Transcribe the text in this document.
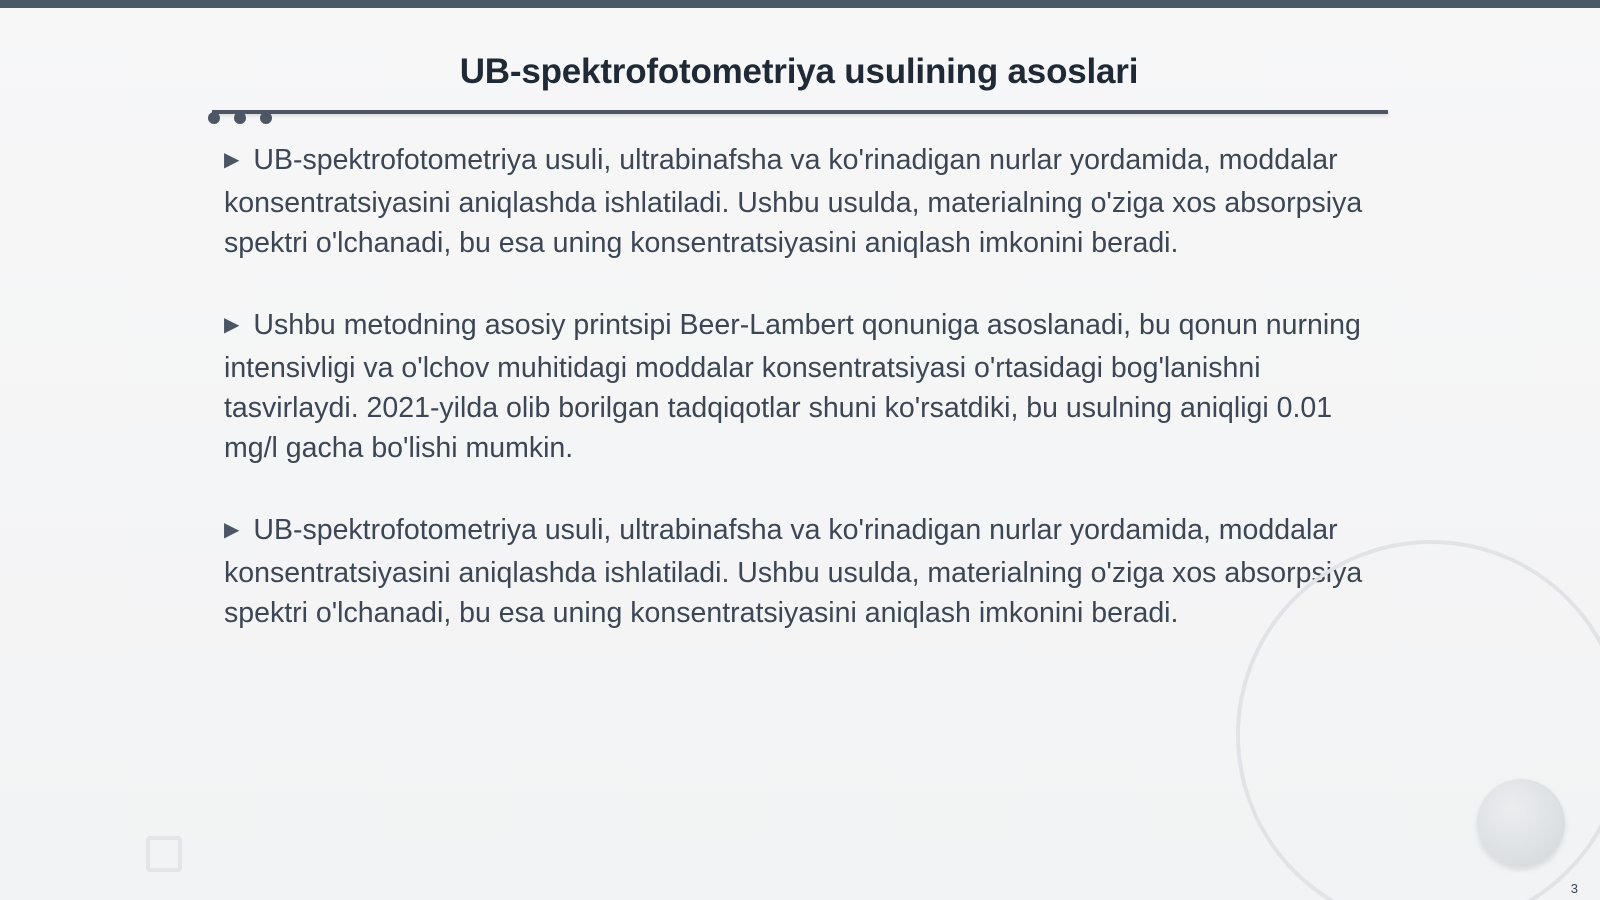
UB-spektrofotometriya usulining asoslari

▶ UB-spektrofotometriya usuli, ultrabinafsha va ko'rinadigan nurlar yordamida, moddalar konsentratsiyasini aniqlashda ishlatiladi. Ushbu usulda, materialning o'ziga xos absorpsiya spektri o'lchanadi, bu esa uning konsentratsiyasini aniqlash imkonini beradi.

▶ Ushbu metodning asosiy printsipi Beer-Lambert qonuniga asoslanadi, bu qonun nurning intensivligi va o'lchov muhitidagi moddalar konsentratsiyasi o'rtasidagi bog'lanishni tasvirlaydi. 2021-yilda olib borilgan tadqiqotlar shuni ko'rsatdiki, bu usulning aniqligi 0.01 mg/l gacha bo'lishi mumkin.

▶ UB-spektrofotometriya usuli, ultrabinafsha va ko'rinadigan nurlar yordamida, moddalar konsentratsiyasini aniqlashda ishlatiladi. Ushbu usulda, materialning o'ziga xos absorpsiya spektri o'lchanadi, bu esa uning konsentratsiyasini aniqlash imkonini beradi.

3
